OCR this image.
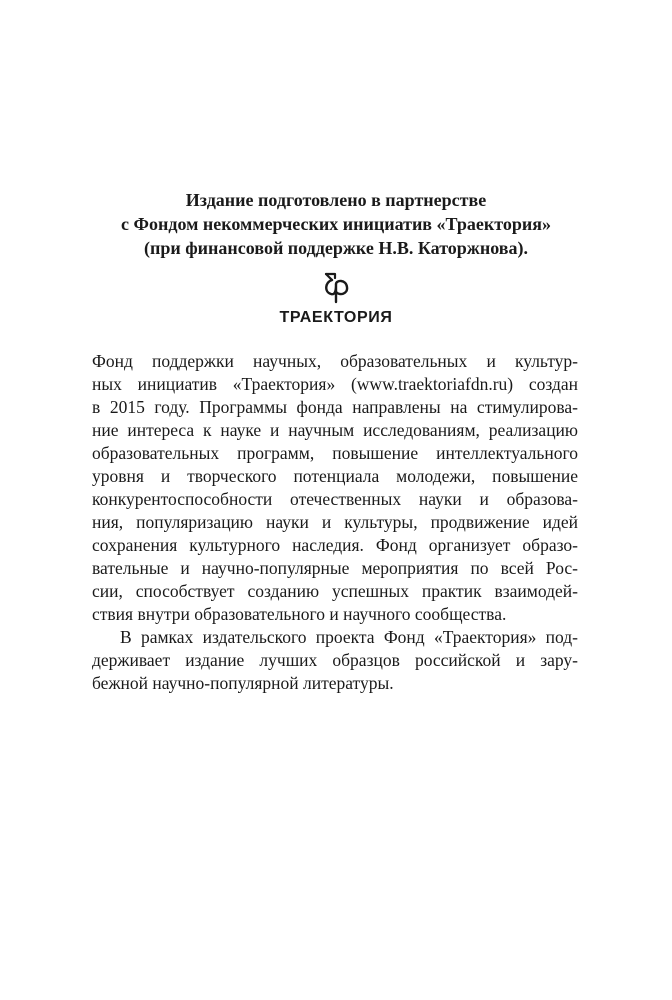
Издание подготовлено в партнерстве
с Фондом некоммерческих инициатив «Траектория»
(при финансовой поддержке Н.В. Каторжнова).
ТРАЕКТОРИЯ
Фонд поддержки научных, образовательных и культур-
ных инициатив «Траектория» (www.traektoriafdn.ru) создан
в 2015 году. Программы фонда направлены на стимулирова-
ние интереса к науке и научным исследованиям, реализацию
образовательных программ, повышение интеллектуального
уровня и творческого потенциала молодежи, повышение
конкурентоспособности отечественных науки и образова-
ния, популяризацию науки и культуры, продвижение идей
сохранения культурного наследия. Фонд организует образо-
вательные и научно-популярные мероприятия по всей Рос-
сии, способствует созданию успешных практик взаимодей-
ствия внутри образовательного и научного сообщества.
В рамках издательского проекта Фонд «Траектория» под-
держивает издание лучших образцов российской и зару-
бежной научно-популярной литературы.
